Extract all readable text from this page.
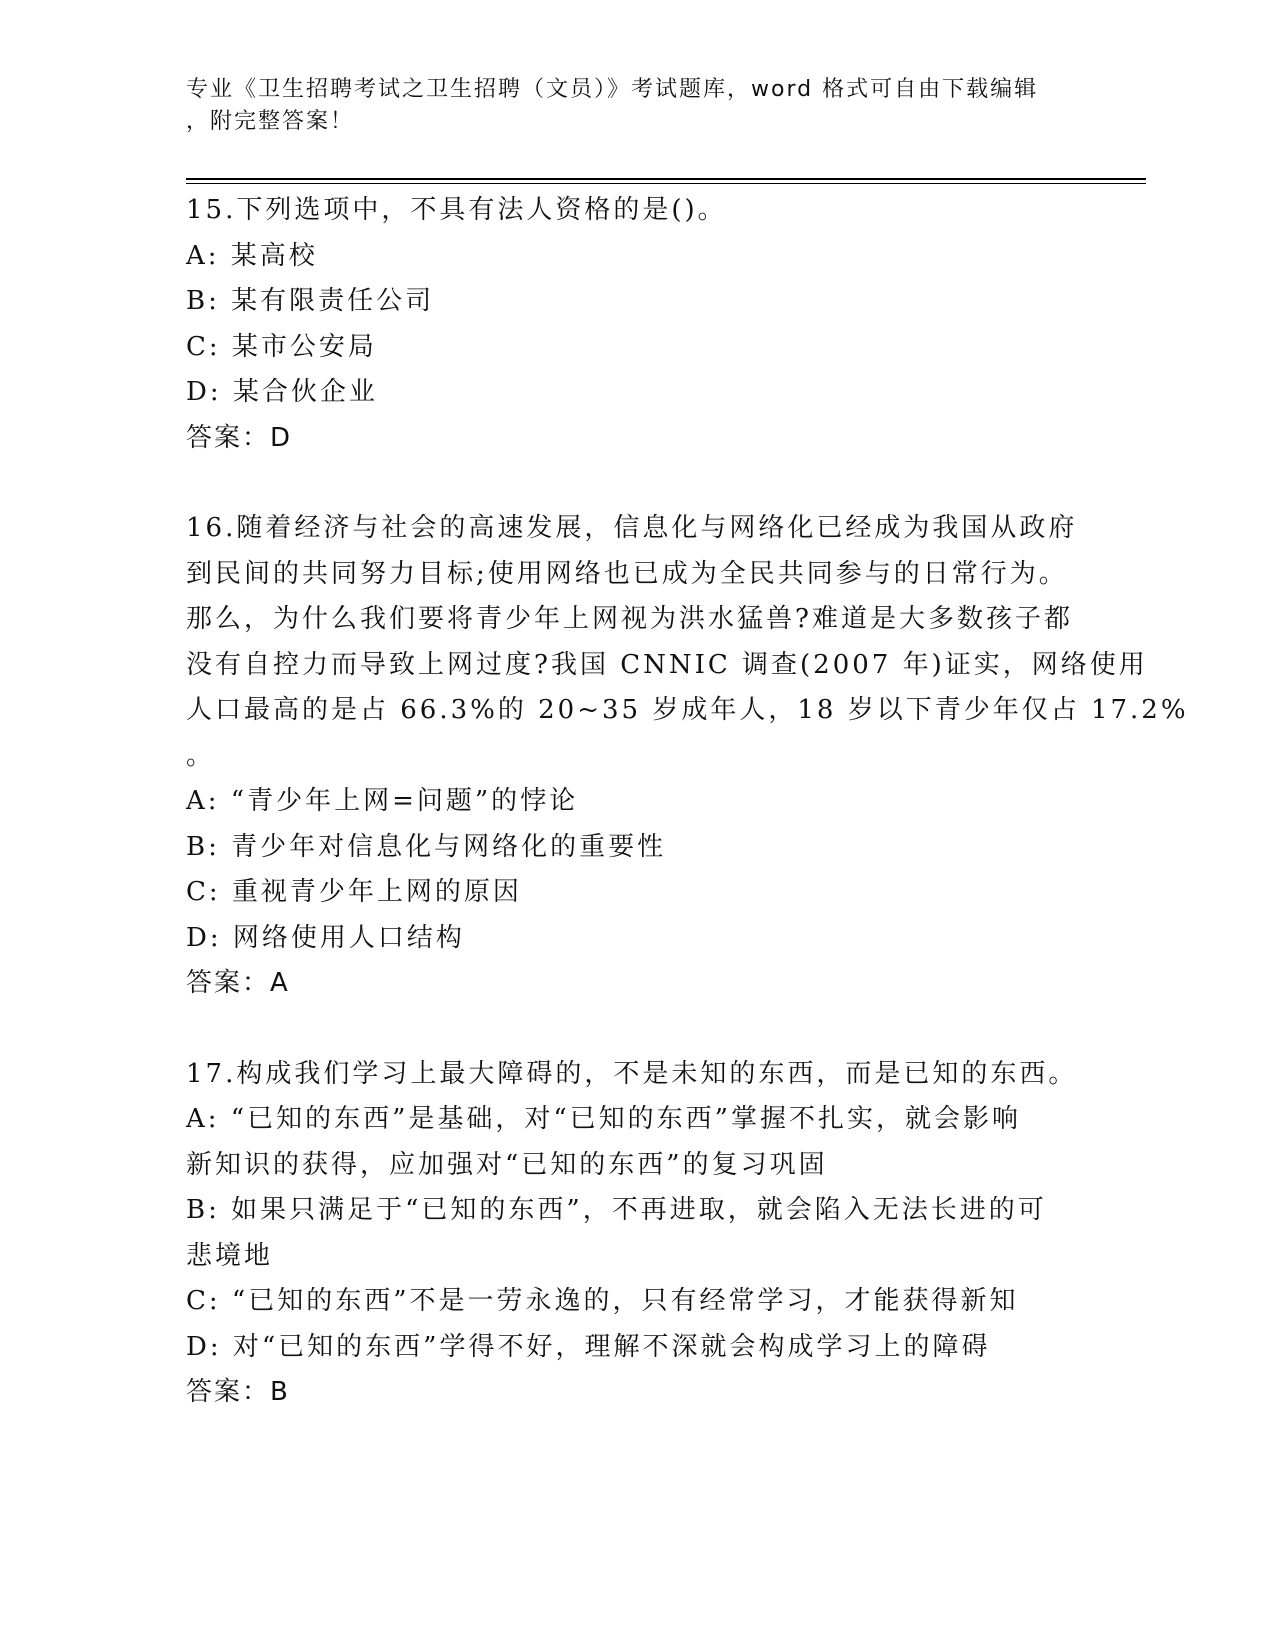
专业《卫生招聘考试之卫生招聘（文员）》考试题库，word 格式可自由下载编辑
，附完整答案！
15.下列选项中，不具有法人资格的是()。
A: 某高校
B: 某有限责任公司
C: 某市公安局
D: 某合伙企业
答案：D
16.随着经济与社会的高速发展，信息化与网络化已经成为我国从政府
到民间的共同努力目标;使用网络也已成为全民共同参与的日常行为。
那么，为什么我们要将青少年上网视为洪水猛兽?难道是大多数孩子都
没有自控力而导致上网过度?我国 CNNIC 调查(2007 年)证实，网络使用
人口最高的是占 66.3%的 20~35 岁成年人，18 岁以下青少年仅占 17.2%
。
A: “青少年上网=问题”的悖论
B: 青少年对信息化与网络化的重要性
C: 重视青少年上网的原因
D: 网络使用人口结构
答案：A
17.构成我们学习上最大障碍的，不是未知的东西，而是已知的东西。
A: “已知的东西”是基础，对“已知的东西”掌握不扎实，就会影响
新知识的获得，应加强对“已知的东西”的复习巩固
B: 如果只满足于“已知的东西”，不再进取，就会陷入无法长进的可
悲境地
C: “已知的东西”不是一劳永逸的，只有经常学习，才能获得新知
D: 对“已知的东西”学得不好，理解不深就会构成学习上的障碍
答案：B
